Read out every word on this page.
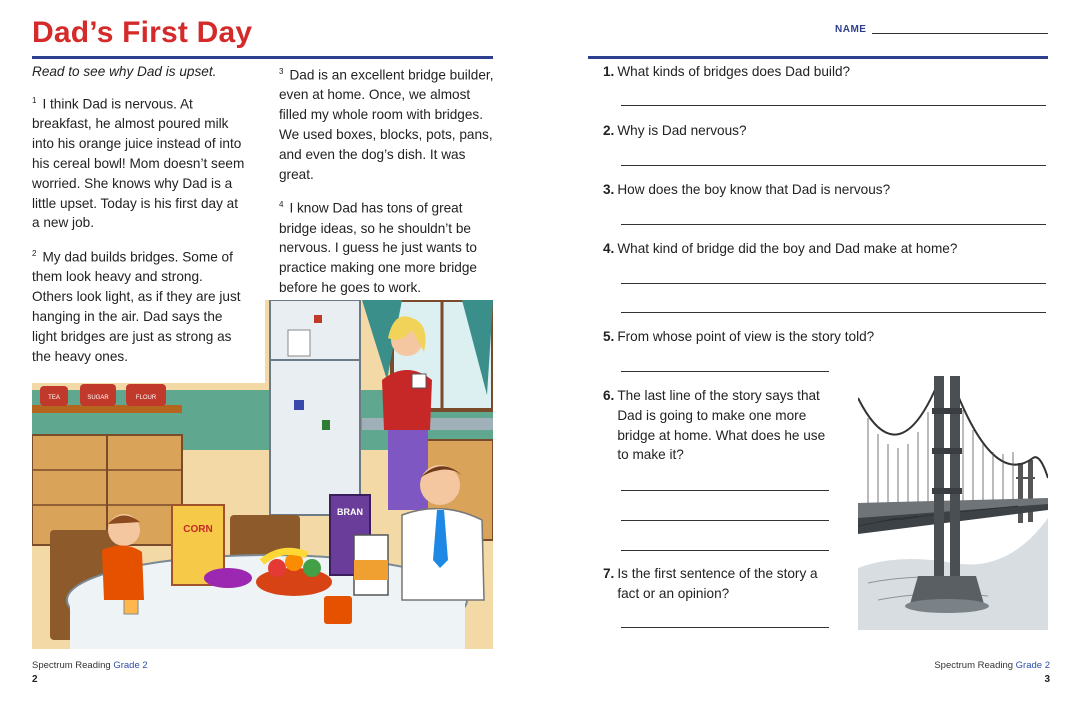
Dad’s First Day
TEA	SUGAR	FLOUR
CORN
BRAN
Read to see why Dad is upset.

$^1$ I think Dad is nervous. At breakfast, he almost poured milk into his orange juice instead of into his cereal bowl! Mom doesn’t seem worried. She knows why Dad is a little upset. Today is his first day at a new job.

$^2$ My dad builds bridges. Some of them look heavy and strong. Others look light, as if they are just hanging in the air. Dad says the light bridges are just as strong as the heavy ones.

$^3$ Dad is an excellent bridge builder, even at home. Once, we almost filled my whole room with bridges. We used boxes, blocks, pots, pans, and even the dog’s dish. It was great.

$^4$ I know Dad has tons of great bridge ideas, so he shouldn’t be nervous. I guess he just wants to practice making one more bridge before he goes to work.

Spectrum Reading Grade 2
2
NAME
1. What kinds of bridges does Dad build?
2. Why is Dad nervous?
3. How does the boy know that Dad is nervous?
4. What kind of bridge did the boy and Dad make at home?
5. From whose point of view is the story told?
6. The last line of the story says that Dad is going to make one more bridge at home. What does he use to make it?
7. Is the first sentence of the story a fact or an opinion?
Spectrum Reading Grade 2
3
